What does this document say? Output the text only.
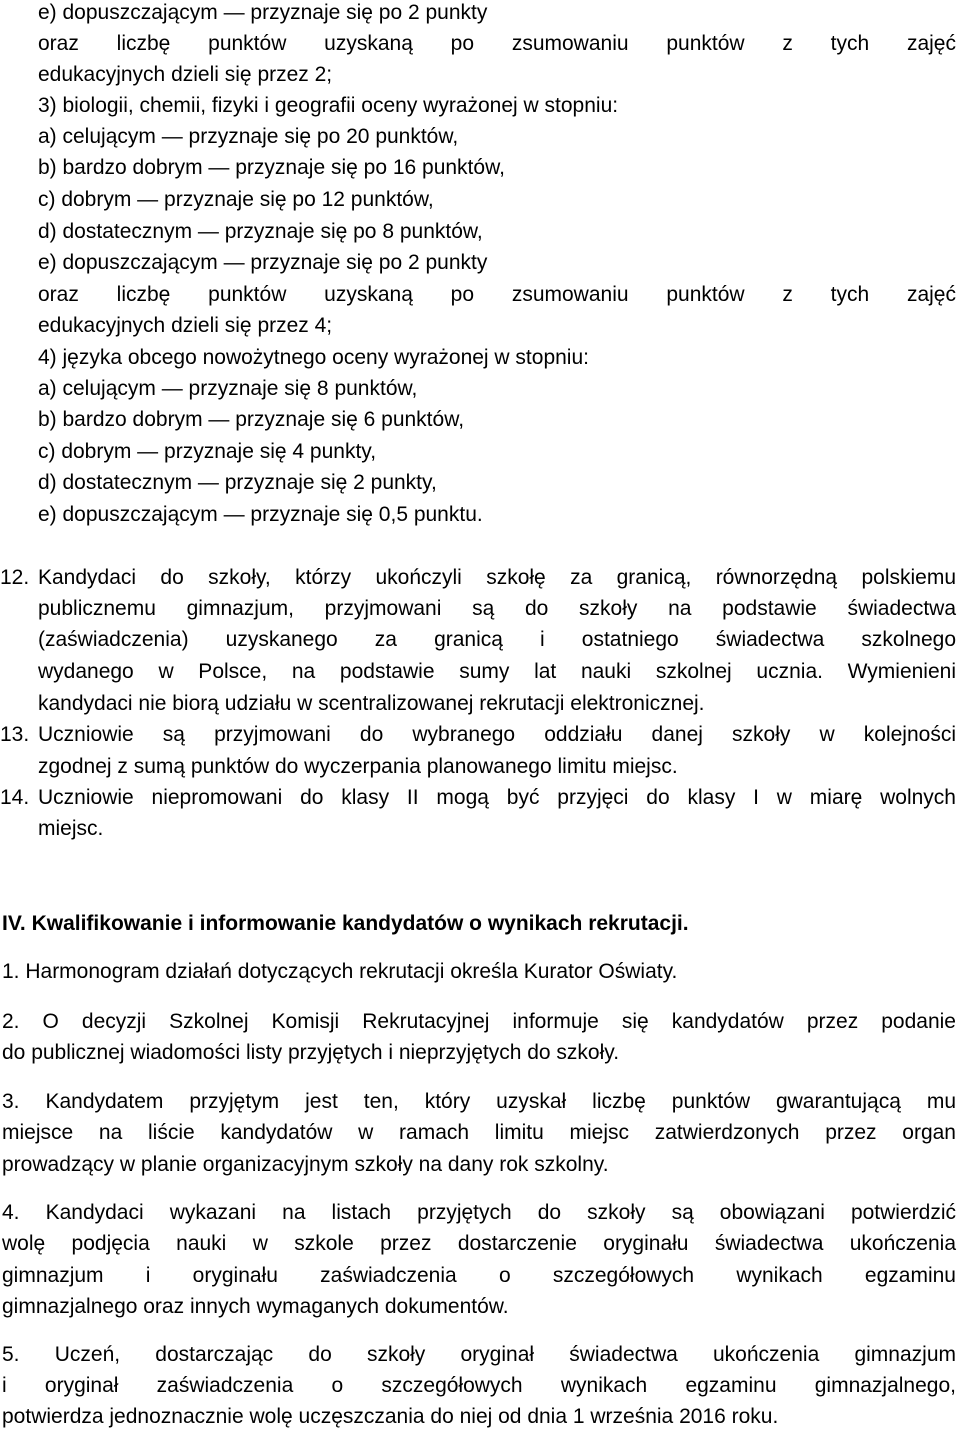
e) dopuszczającym — przyznaje się po 2 punkty
oraz liczbę punktów uzyskaną po zsumowaniu punktów z tych zajęć
edukacyjnych dzieli się przez 2;
3) biologii, chemii, fizyki i geografii oceny wyrażonej w stopniu:
a) celującym — przyznaje się po 20 punktów,
b) bardzo dobrym — przyznaje się po 16 punktów,
c) dobrym — przyznaje się po 12 punktów,
d) dostatecznym — przyznaje się po 8 punktów,
e) dopuszczającym — przyznaje się po 2 punkty
oraz liczbę punktów uzyskaną po zsumowaniu punktów z tych zajęć
edukacyjnych dzieli się przez 4;
4) języka obcego nowożytnego oceny wyrażonej w stopniu:
a) celującym — przyznaje się 8 punktów,
b) bardzo dobrym — przyznaje się 6 punktów,
c) dobrym — przyznaje się 4 punkty,
d) dostatecznym — przyznaje się 2 punkty,
e) dopuszczającym — przyznaje się 0,5 punktu.
12. Kandydaci do szkoły, którzy ukończyli szkołę za granicą, równorzędną polskiemu
publicznemu gimnazjum, przyjmowani są do szkoły na podstawie świadectwa
(zaświadczenia) uzyskanego za granicą i ostatniego świadectwa szkolnego
wydanego w Polsce, na podstawie sumy lat nauki szkolnej ucznia. Wymienieni
kandydaci nie biorą udziału w scentralizowanej rekrutacji elektronicznej.
13. Uczniowie są przyjmowani do wybranego oddziału danej szkoły w kolejności
zgodnej z sumą punktów do wyczerpania planowanego limitu miejsc.
14. Uczniowie niepromowani do klasy II mogą być przyjęci do klasy I w miarę wolnych
miejsc.
IV. Kwalifikowanie i informowanie kandydatów o wynikach rekrutacji.
1. Harmonogram działań dotyczących rekrutacji określa Kurator Oświaty.
2. O decyzji Szkolnej Komisji Rekrutacyjnej informuje się kandydatów przez podanie
do publicznej wiadomości listy przyjętych i nieprzyjętych do szkoły.
3. Kandydatem przyjętym jest ten, który uzyskał liczbę punktów gwarantującą mu
miejsce na liście kandydatów w ramach limitu miejsc zatwierdzonych przez organ
prowadzący w planie organizacyjnym szkoły na dany rok szkolny.
4. Kandydaci wykazani na listach przyjętych do szkoły są obowiązani potwierdzić
wolę podjęcia nauki w szkole przez dostarczenie oryginału świadectwa ukończenia
gimnazjum i oryginału zaświadczenia o szczegółowych wynikach egzaminu
gimnazjalnego oraz innych wymaganych dokumentów.
5. Uczeń, dostarczając do szkoły oryginał świadectwa ukończenia gimnazjum
i oryginał zaświadczenia o szczegółowych wynikach egzaminu gimnazjalnego,
potwierdza jednoznacznie wolę uczęszczania do niej od dnia 1 września 2016 roku.
